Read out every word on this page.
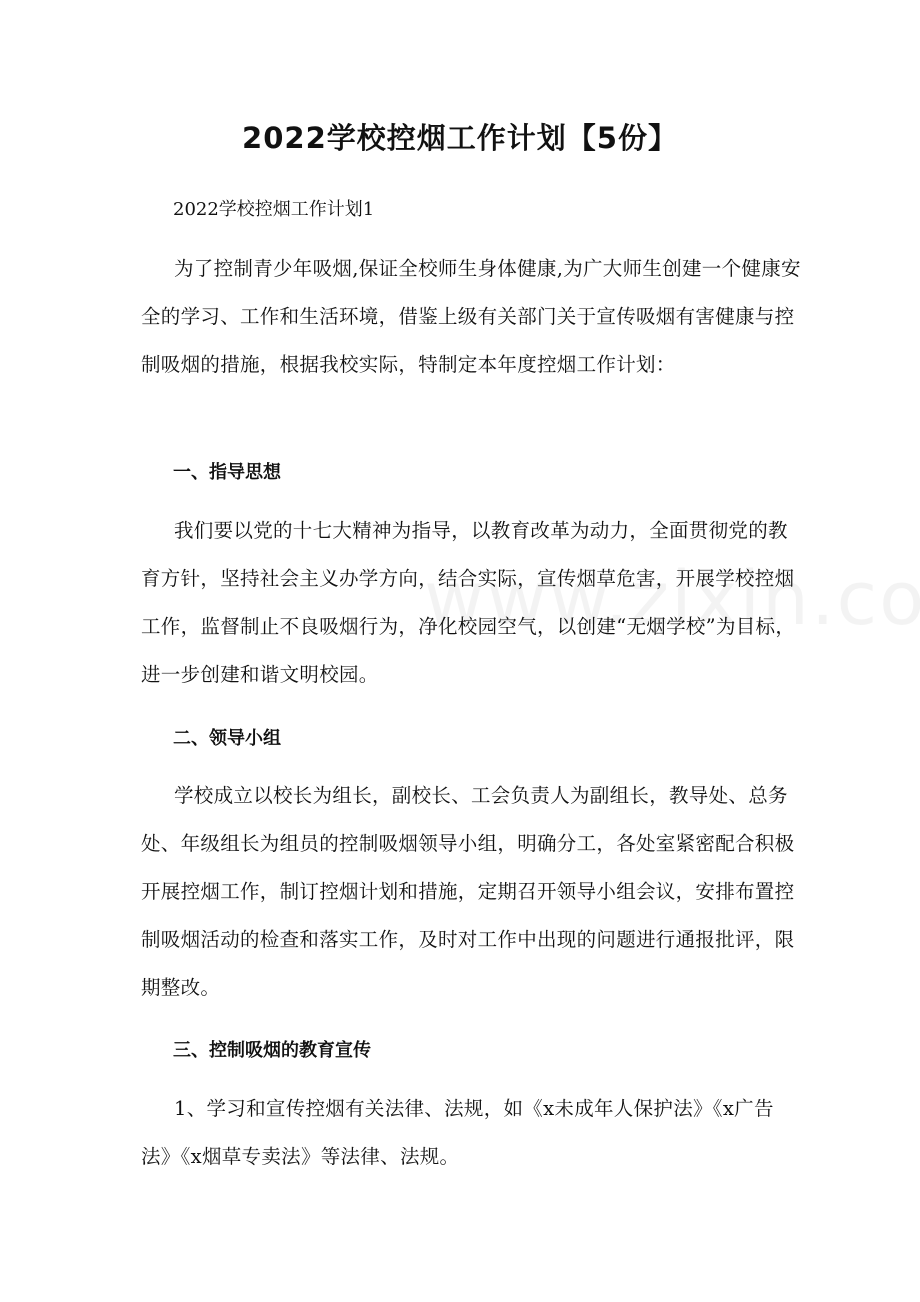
2022学校控烟工作计划【5份】
2022学校控烟工作计划1

为了控制青少年吸烟,保证全校师生身体健康,为广大师生创建一个健康安全的学习、工作和生活环境，借鉴上级有关部门关于宣传吸烟有害健康与控制吸烟的措施，根据我校实际，特制定本年度控烟工作计划：

一、指导思想

我们要以党的十七大精神为指导，以教育改革为动力，全面贯彻党的教育方针，坚持社会主义办学方向，结合实际，宣传烟草危害，开展学校控烟工作，监督制止不良吸烟行为，净化校园空气，以创建“无烟学校”为目标，进一步创建和谐文明校园。

二、领导小组

学校成立以校长为组长，副校长、工会负责人为副组长，教导处、总务处、年级组长为组员的控制吸烟领导小组，明确分工，各处室紧密配合积极开展控烟工作，制订控烟计划和措施，定期召开领导小组会议，安排布置控制吸烟活动的检查和落实工作，及时对工作中出现的问题进行通报批评，限期整改。

三、控制吸烟的教育宣传

1、学习和宣传控烟有关法律、法规，如《x未成年人保护法》《x广告法》《x烟草专卖法》等法律、法规。
